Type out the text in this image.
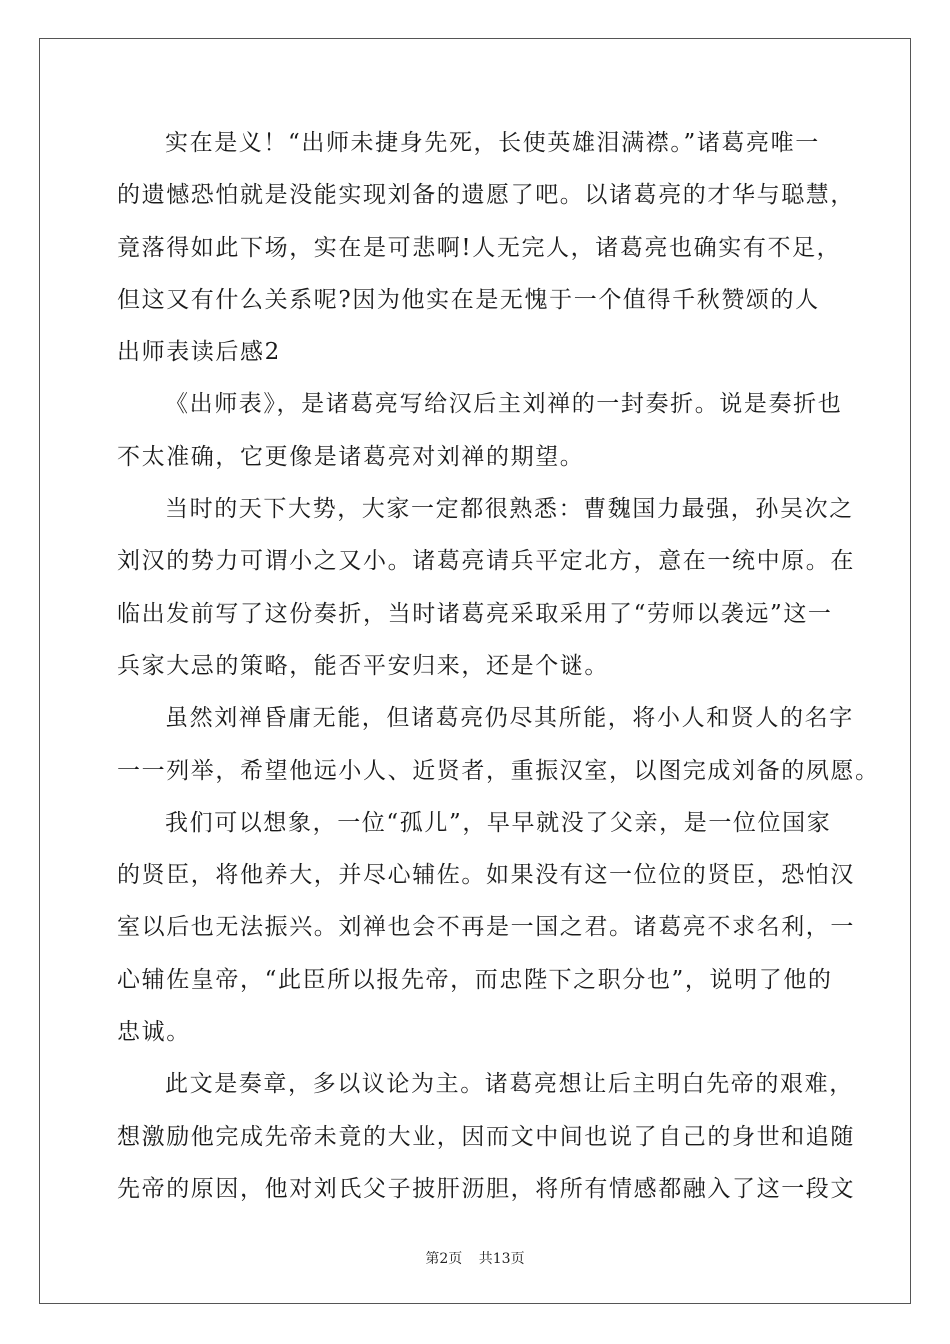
实在是义！“出师未捷身先死，长使英雄泪满襟。”诸葛亮唯一
的遗憾恐怕就是没能实现刘备的遗愿了吧。以诸葛亮的才华与聪慧，
竟落得如此下场，实在是可悲啊!人无完人，诸葛亮也确实有不足，
但这又有什么关系呢?因为他实在是无愧于一个值得千秋赞颂的人
出师表读后感2
《出师表》，是诸葛亮写给汉后主刘禅的一封奏折。说是奏折也
不太准确，它更像是诸葛亮对刘禅的期望。
当时的天下大势，大家一定都很熟悉：曹魏国力最强，孙吴次之
刘汉的势力可谓小之又小。诸葛亮请兵平定北方，意在一统中原。在
临出发前写了这份奏折，当时诸葛亮采取采用了“劳师以袭远”这一
兵家大忌的策略，能否平安归来，还是个谜。
虽然刘禅昏庸无能，但诸葛亮仍尽其所能，将小人和贤人的名字
一一列举，希望他远小人、近贤者，重振汉室，以图完成刘备的夙愿。
我们可以想象，一位“孤儿”，早早就没了父亲，是一位位国家
的贤臣，将他养大，并尽心辅佐。如果没有这一位位的贤臣，恐怕汉
室以后也无法振兴。刘禅也会不再是一国之君。诸葛亮不求名利，一
心辅佐皇帝，“此臣所以报先帝，而忠陛下之职分也”，说明了他的
忠诚。
此文是奏章，多以议论为主。诸葛亮想让后主明白先帝的艰难，
想激励他完成先帝未竟的大业，因而文中间也说了自己的身世和追随
先帝的原因，他对刘氏父子披肝沥胆，将所有情感都融入了这一段文
第2页 共13页
